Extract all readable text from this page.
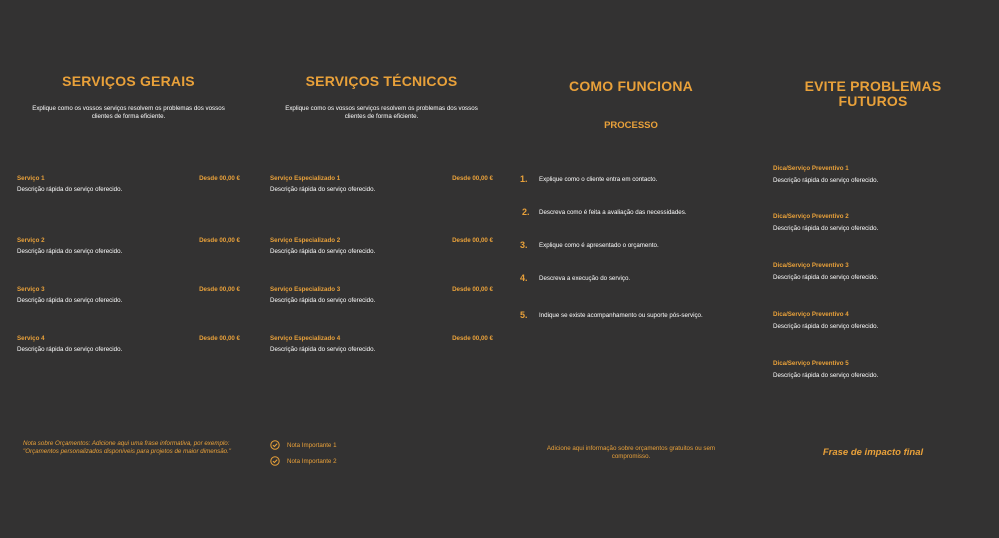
SERVIÇOS GERAIS
Explique como os vossos serviços resolvem os problemas dos vossos clientes de forma eficiente.
Serviço 1	Desde 00,00 €
Descrição rápida do serviço oferecido.
Serviço 2	Desde 00,00 €
Descrição rápida do serviço oferecido.
Serviço 3	Desde 00,00 €
Descrição rápida do serviço oferecido.
Serviço 4	Desde 00,00 €
Descrição rápida do serviço oferecido.
Nota sobre Orçamentos: Adicione aqui uma frase informativa, por exemplo: "Orçamentos personalizados disponíveis para projetos de maior dimensão."
SERVIÇOS TÉCNICOS
Explique como os vossos serviços resolvem os problemas dos vossos clientes de forma eficiente.
Serviço Especializado 1	Desde 00,00 €
Descrição rápida do serviço oferecido.
Serviço Especializado 2	Desde 00,00 €
Descrição rápida do serviço oferecido.
Serviço Especializado 3	Desde 00,00 €
Descrição rápida do serviço oferecido.
Serviço Especializado 4	Desde 00,00 €
Descrição rápida do serviço oferecido.
Nota Importante 1
Nota Importante 2
COMO FUNCIONA
PROCESSO
1.	Explique como o cliente entra em contacto.
2.	Descreva como é feita a avaliação das necessidades.
3.	Explique como é apresentado o orçamento.
4.	Descreva a execução do serviço.
5.	Indique se existe acompanhamento ou suporte pós-serviço.
Adicione aqui informação sobre orçamentos gratuitos ou sem compromisso.
EVITE PROBLEMAS FUTUROS
Dica/Serviço Preventivo 1
Descrição rápida do serviço oferecido.
Dica/Serviço Preventivo 2
Descrição rápida do serviço oferecido.
Dica/Serviço Preventivo 3
Descrição rápida do serviço oferecido.
Dica/Serviço Preventivo 4
Descrição rápida do serviço oferecido.
Dica/Serviço Preventivo 5
Descrição rápida do serviço oferecido.
Frase de impacto final
